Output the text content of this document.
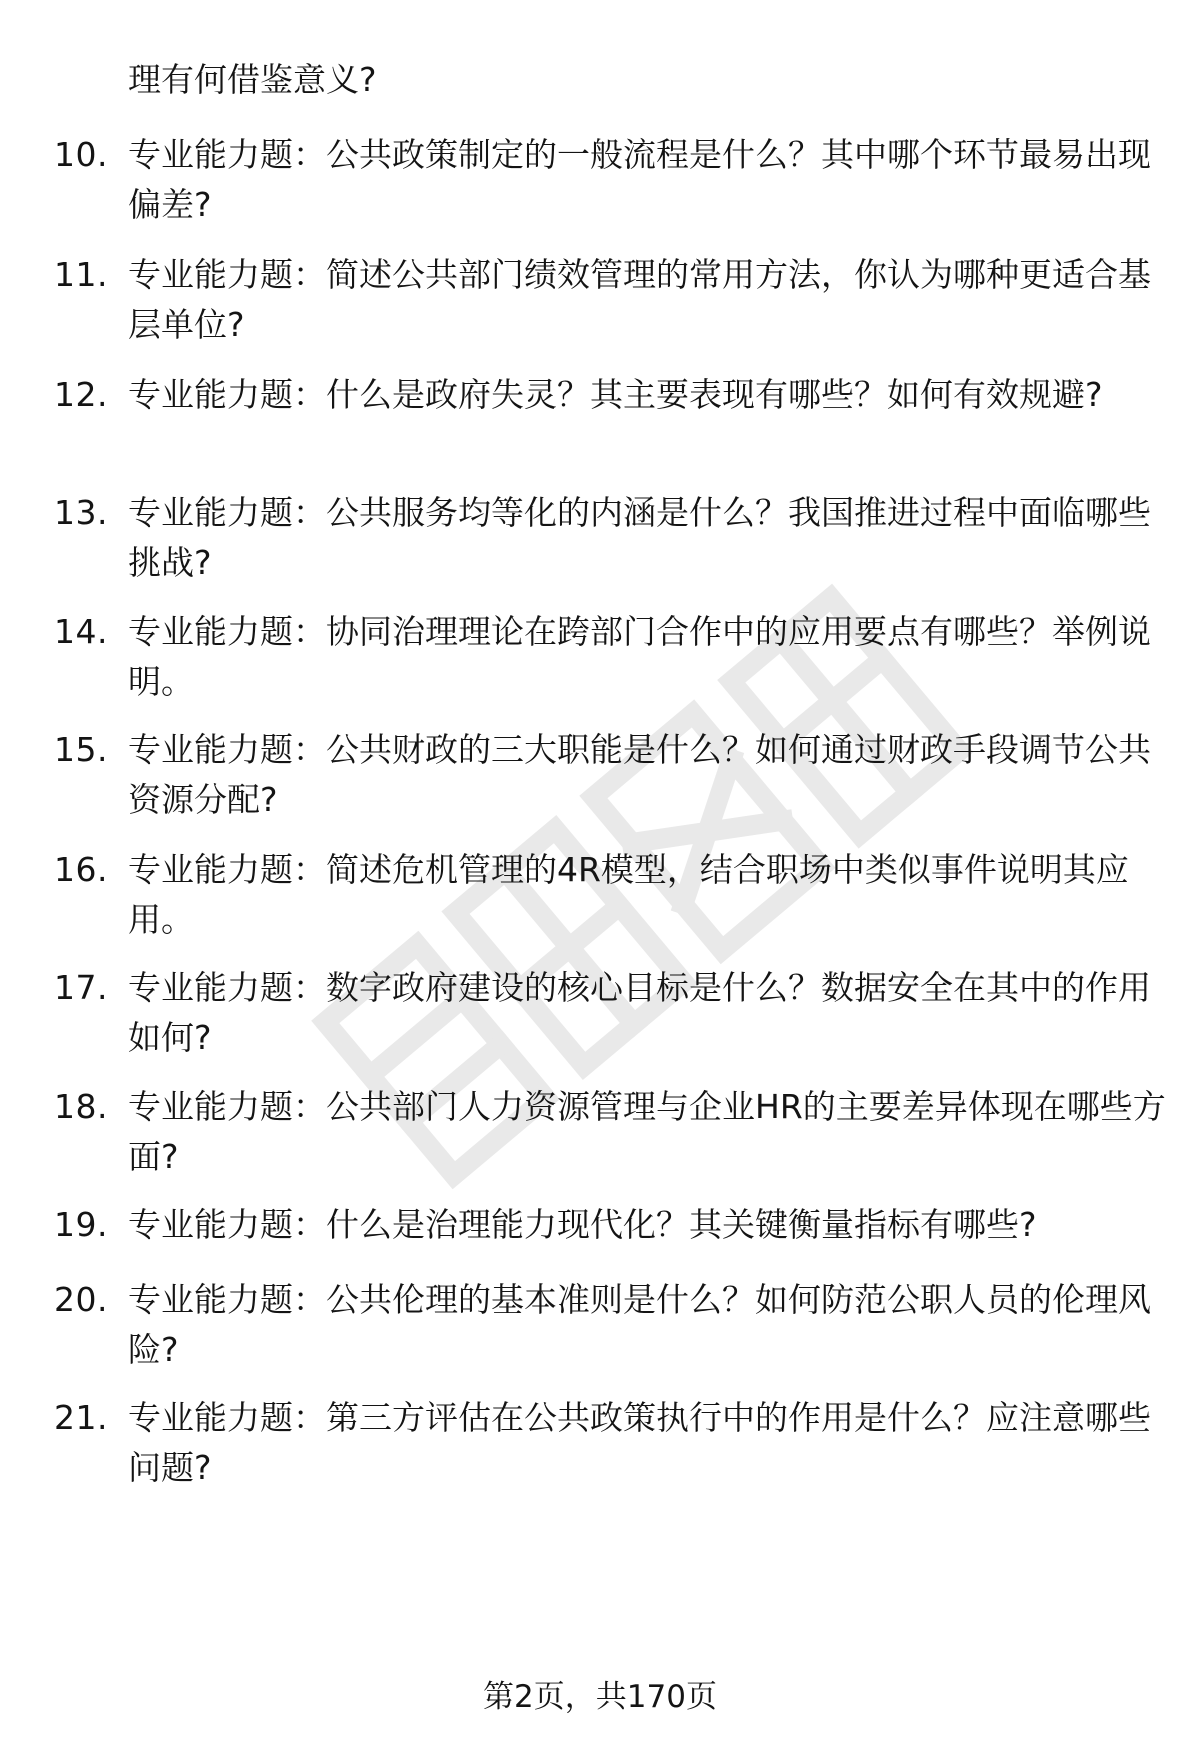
理有何借鉴意义?
10. 专业能力题：公共政策制定的一般流程是什么？其中哪个环节最易出现偏差?
11. 专业能力题：简述公共部门绩效管理的常用方法，你认为哪种更适合基层单位?
12. 专业能力题：什么是政府失灵？其主要表现有哪些？如何有效规避?
13. 专业能力题：公共服务均等化的内涵是什么？我国推进过程中面临哪些挑战?
14. 专业能力题：协同治理理论在跨部门合作中的应用要点有哪些？举例说明。
15. 专业能力题：公共财政的三大职能是什么？如何通过财政手段调节公共资源分配?
16. 专业能力题：简述危机管理的4R模型，结合职场中类似事件说明其应用。
17. 专业能力题：数字政府建设的核心目标是什么？数据安全在其中的作用如何?
18. 专业能力题：公共部门人力资源管理与企业HR的主要差异体现在哪些方面?
19. 专业能力题：什么是治理能力现代化？其关键衡量指标有哪些?
20. 专业能力题：公共伦理的基本准则是什么？如何防范公职人员的伦理风险?
21. 专业能力题：第三方评估在公共政策执行中的作用是什么？应注意哪些问题?
第2页，共170页
